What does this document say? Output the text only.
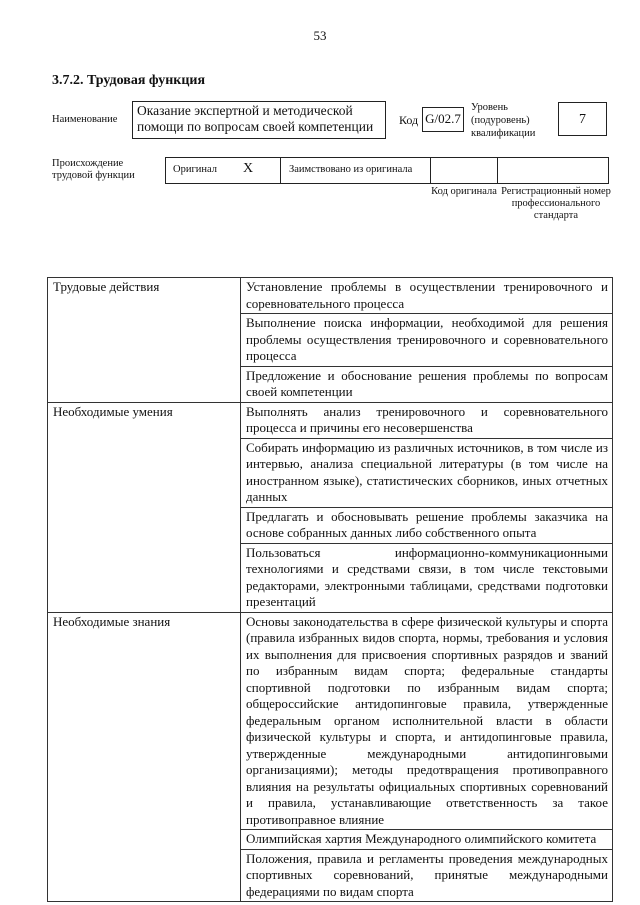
53
3.7.2. Трудовая функция
Наименование
Оказание экспертной и методической помощи по вопросам своей компетенции	Код G/02.7
Уровень (подуровень) квалификации
7
Происхождение трудовой функции
Оригинал X	Заимствовано из оригинала
Код оригинала Регистрационный номер профессионального стандарта
Трудовые действия	Установление проблемы в осуществлении тренировочного и соревновательного процесса
	Выполнение поиска информации, необходимой для решения проблемы осуществления тренировочного и соревновательного процесса
	Предложение и обоснование решения проблемы по вопросам своей компетенции
Необходимые умения	Выполнять анализ тренировочного и соревновательного процесса и причины его несовершенства
	Собирать информацию из различных источников, в том числе из интервью, анализа специальной литературы (в том числе на иностранном языке), статистических сборников, иных отчетных данных
	Предлагать и обосновывать решение проблемы заказчика на основе собранных данных либо собственного опыта
	Пользоваться информационно-коммуникационными технологиями и средствами связи, в том числе текстовыми редакторами, электронными таблицами, средствами подготовки презентаций
Необходимые знания	Основы законодательства в сфере физической культуры и спорта (правила избранных видов спорта, нормы, требования и условия их выполнения для присвоения спортивных разрядов и званий по избранным видам спорта; федеральные стандарты спортивной подготовки по избранным видам спорта; общероссийские антидопинговые правила, утвержденные федеральным органом исполнительной власти в области физической культуры и спорта, и антидопинговые правила, утвержденные международными антидопинговыми организациями); методы предотвращения противоправного влияния на результаты официальных спортивных соревнований и правила, устанавливающие ответственность за такое противоправное влияние
	Олимпийская хартия Международного олимпийского комитета
	Положения, правила и регламенты проведения международных спортивных соревнований, принятые международными федерациями по видам спорта
